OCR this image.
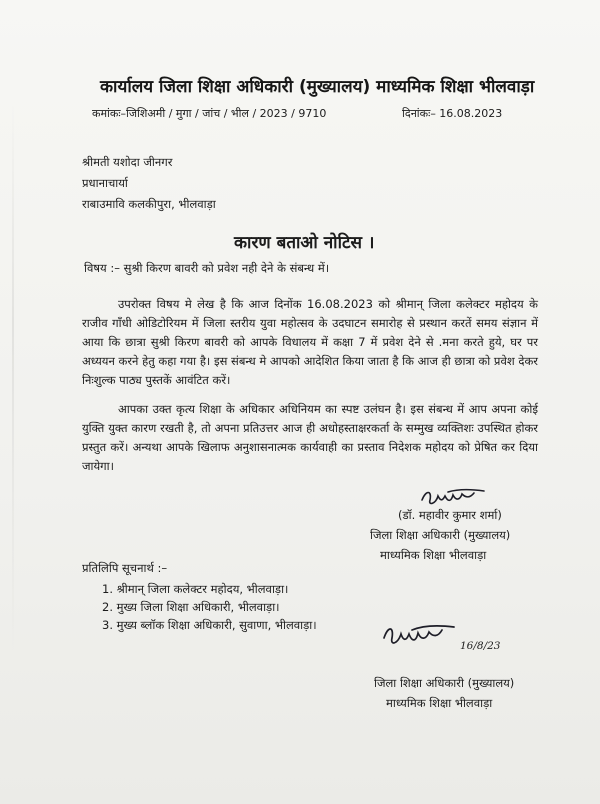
कार्यालय जिला शिक्षा अधिकारी (मुख्यालय) माध्यमिक शिक्षा भीलवाड़ा
कमांकः–जिशिअमी / मुगा / जांच / भील / 2023 / 9710	दिनांकः– 16.08.2023
श्रीमती यशोदा जीनगर
प्रधानाचार्या
राबाउमावि कलकीपुरा, भीलवाड़ा
कारण बताओ नोटिस ।
विषय :– सुश्री किरण बावरी को प्रवेश नही देने के संबन्ध में।

उपरोक्त विषय मे लेख है कि आज दिनोंक 16.08.2023 को श्रीमान् जिला कलेक्टर महोदय के राजीव गाँधी ओडिटोरियम में जिला स्तरीय युवा महोत्सव के उदघाटन समारोह से प्रस्थान करतें समय संज्ञान में आया कि छात्रा सुश्री किरण बावरी को आपके विधालय में कक्षा 7 में प्रवेश देने से .मना करते हुये, घर पर अध्ययन करने हेतु कहा गया है। इस संबन्ध मे आपको आदेशित किया जाता है कि आज ही छात्रा को प्रवेश देकर निःशुल्क पाठ्य पुस्तकें आवंटित करें।

आपका उक्त कृत्य शिक्षा के अधिकार अधिनियम का स्पष्ट उलंघन है। इस संबन्ध में आप अपना कोई युक्ति युक्त कारण रखती है, तो अपना प्रतिउत्तर आज ही अधोहस्ताक्षरकर्ता के सम्मुख व्यक्तिशः उपस्थित होकर प्रस्तुत करें। अन्यथा आपके खिलाफ अनुशासनात्मक कार्यवाही का प्रस्ताव निदेशक महोदय को प्रेषित कर दिया जायेगा।

(डॉ. महावीर कुमार शर्मा)
जिला शिक्षा अधिकारी (मुख्यालय)
माध्यमिक शिक्षा भीलवाड़ा
प्रतिलिपि सूचनार्थ :–
1. श्रीमान् जिला कलेक्टर महोदय, भीलवाड़ा।
2. मुख्य जिला शिक्षा अधिकारी, भीलवाड़ा।
3. मुख्य ब्लॉक शिक्षा अधिकारी, सुवाणा, भीलवाड़ा।
16/8/23
जिला शिक्षा अधिकारी (मुख्यालय)
माध्यमिक शिक्षा भीलवाड़ा
